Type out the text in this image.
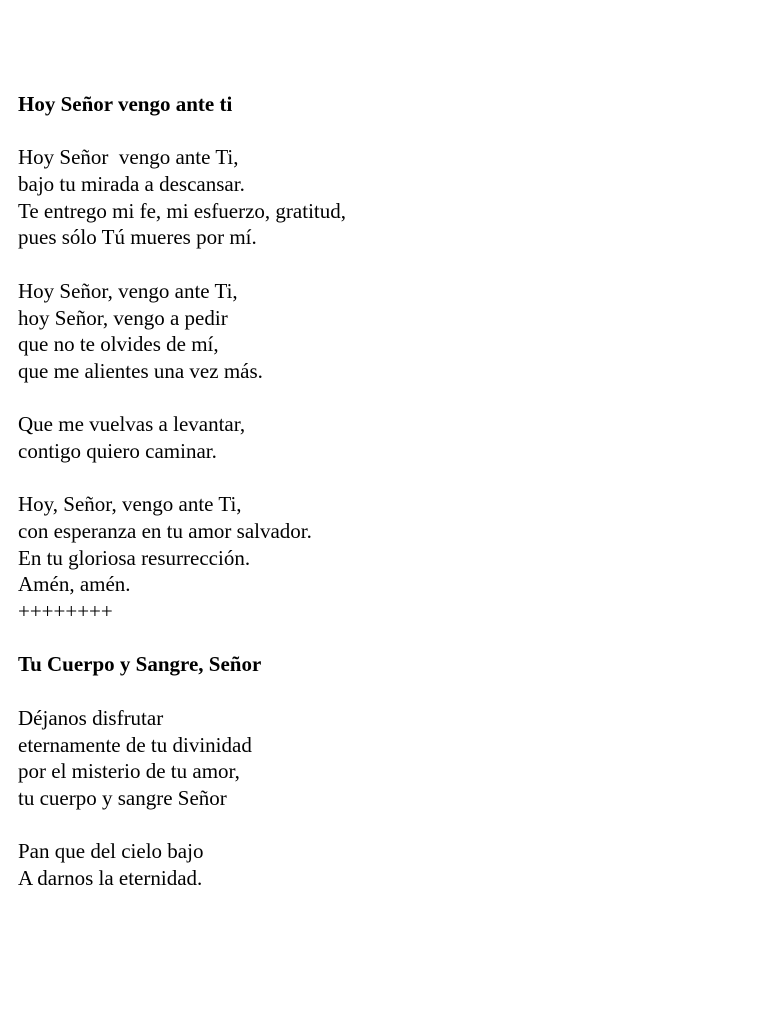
Hoy Señor vengo ante ti
Hoy Señor  vengo ante Ti,
bajo tu mirada a descansar.
Te entrego mi fe, mi esfuerzo, gratitud,
pues sólo Tú mueres por mí.
Hoy Señor, vengo ante Ti,
hoy Señor, vengo a pedir
que no te olvides de mí,
que me alientes una vez más.
Que me vuelvas a levantar,
contigo quiero caminar.
Hoy, Señor, vengo ante Ti,
con esperanza en tu amor salvador.
En tu gloriosa resurrección.
Amén, amén.
++++++++
Tu Cuerpo y Sangre, Señor
Déjanos disfrutar
eternamente de tu divinidad
por el misterio de tu amor,
tu cuerpo y sangre Señor
Pan que del cielo bajo
A darnos la eternidad.
